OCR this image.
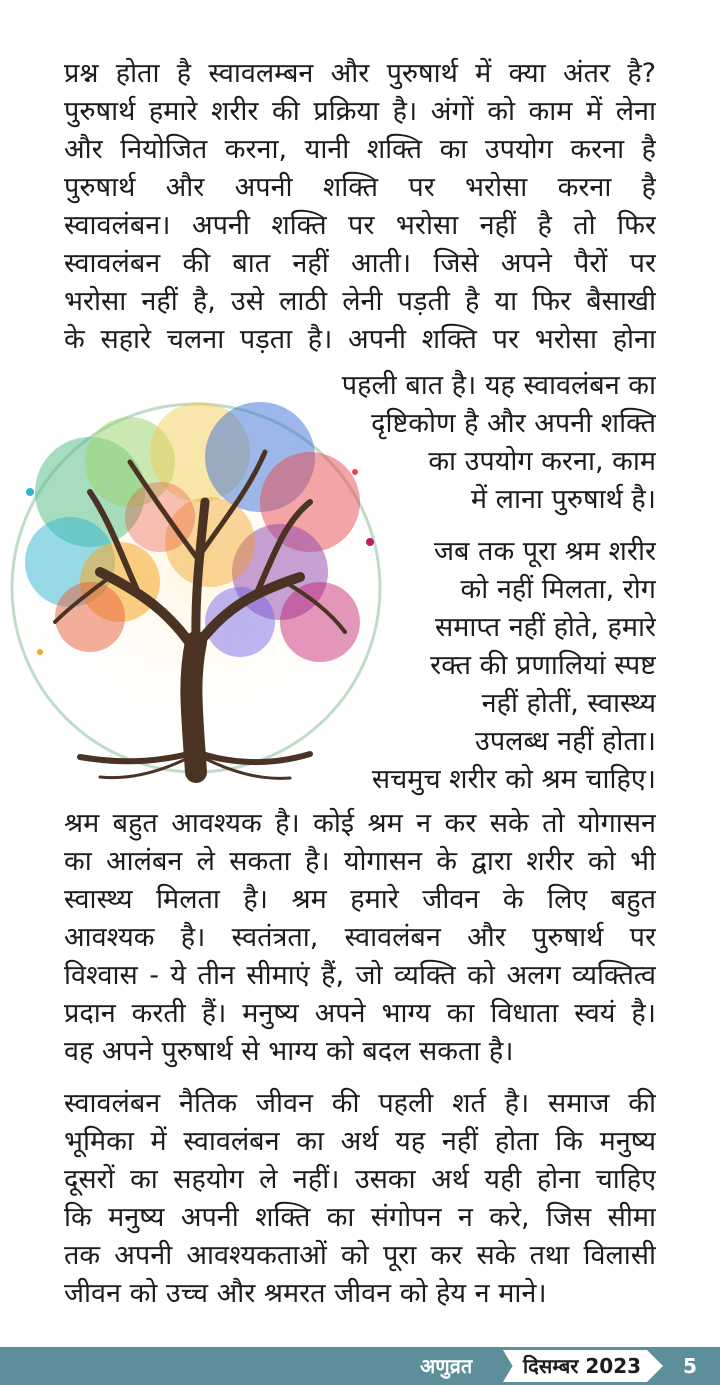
प्रश्न होता है स्वावलम्बन और पुरुषार्थ में क्या अंतर है?
पुरुषार्थ हमारे शरीर की प्रक्रिया है। अंगों को काम में लेना
और नियोजित करना, यानी शक्ति का उपयोग करना है
पुरुषार्थ और अपनी शक्ति पर भरोसा करना है
स्वावलंबन। अपनी शक्ति पर भरोसा नहीं है तो फिर
स्वावलंबन की बात नहीं आती। जिसे अपने पैरों पर
भरोसा नहीं है, उसे लाठी लेनी पड़ती है या फिर बैसाखी
के सहारे चलना पड़ता है। अपनी शक्ति पर भरोसा होना
पहली बात है। यह स्वावलंबन का
दृष्टिकोण है और अपनी शक्ति
का उपयोग करना, काम
में लाना पुरुषार्थ है।
जब तक पूरा श्रम शरीर
को नहीं मिलता, रोग
समाप्त नहीं होते, हमारे
रक्त की प्रणालियां स्पष्ट
नहीं होतीं, स्वास्थ्य
उपलब्ध नहीं होता।
सचमुच शरीर को श्रम चाहिए।
श्रम बहुत आवश्यक है। कोई श्रम न कर सके तो योगासन
का आलंबन ले सकता है। योगासन के द्वारा शरीर को भी
स्वास्थ्य मिलता है। श्रम हमारे जीवन के लिए बहुत
आवश्यक है। स्वतंत्रता, स्वावलंबन और पुरुषार्थ पर
विश्वास - ये तीन सीमाएं हैं, जो व्यक्ति को अलग व्यक्तित्व
प्रदान करती हैं। मनुष्य अपने भाग्य का विधाता स्वयं है।
वह अपने पुरुषार्थ से भाग्य को बदल सकता है।
स्वावलंबन नैतिक जीवन की पहली शर्त है। समाज की
भूमिका में स्वावलंबन का अर्थ यह नहीं होता कि मनुष्य
दूसरों का सहयोग ले नहीं। उसका अर्थ यही होना चाहिए
कि मनुष्य अपनी शक्ति का संगोपन न करे, जिस सीमा
तक अपनी आवश्यकताओं को पूरा कर सके तथा विलासी
जीवन को उच्च और श्रमरत जीवन को हेय न माने।
अणुव्रत	दिसम्बर 2023 5
